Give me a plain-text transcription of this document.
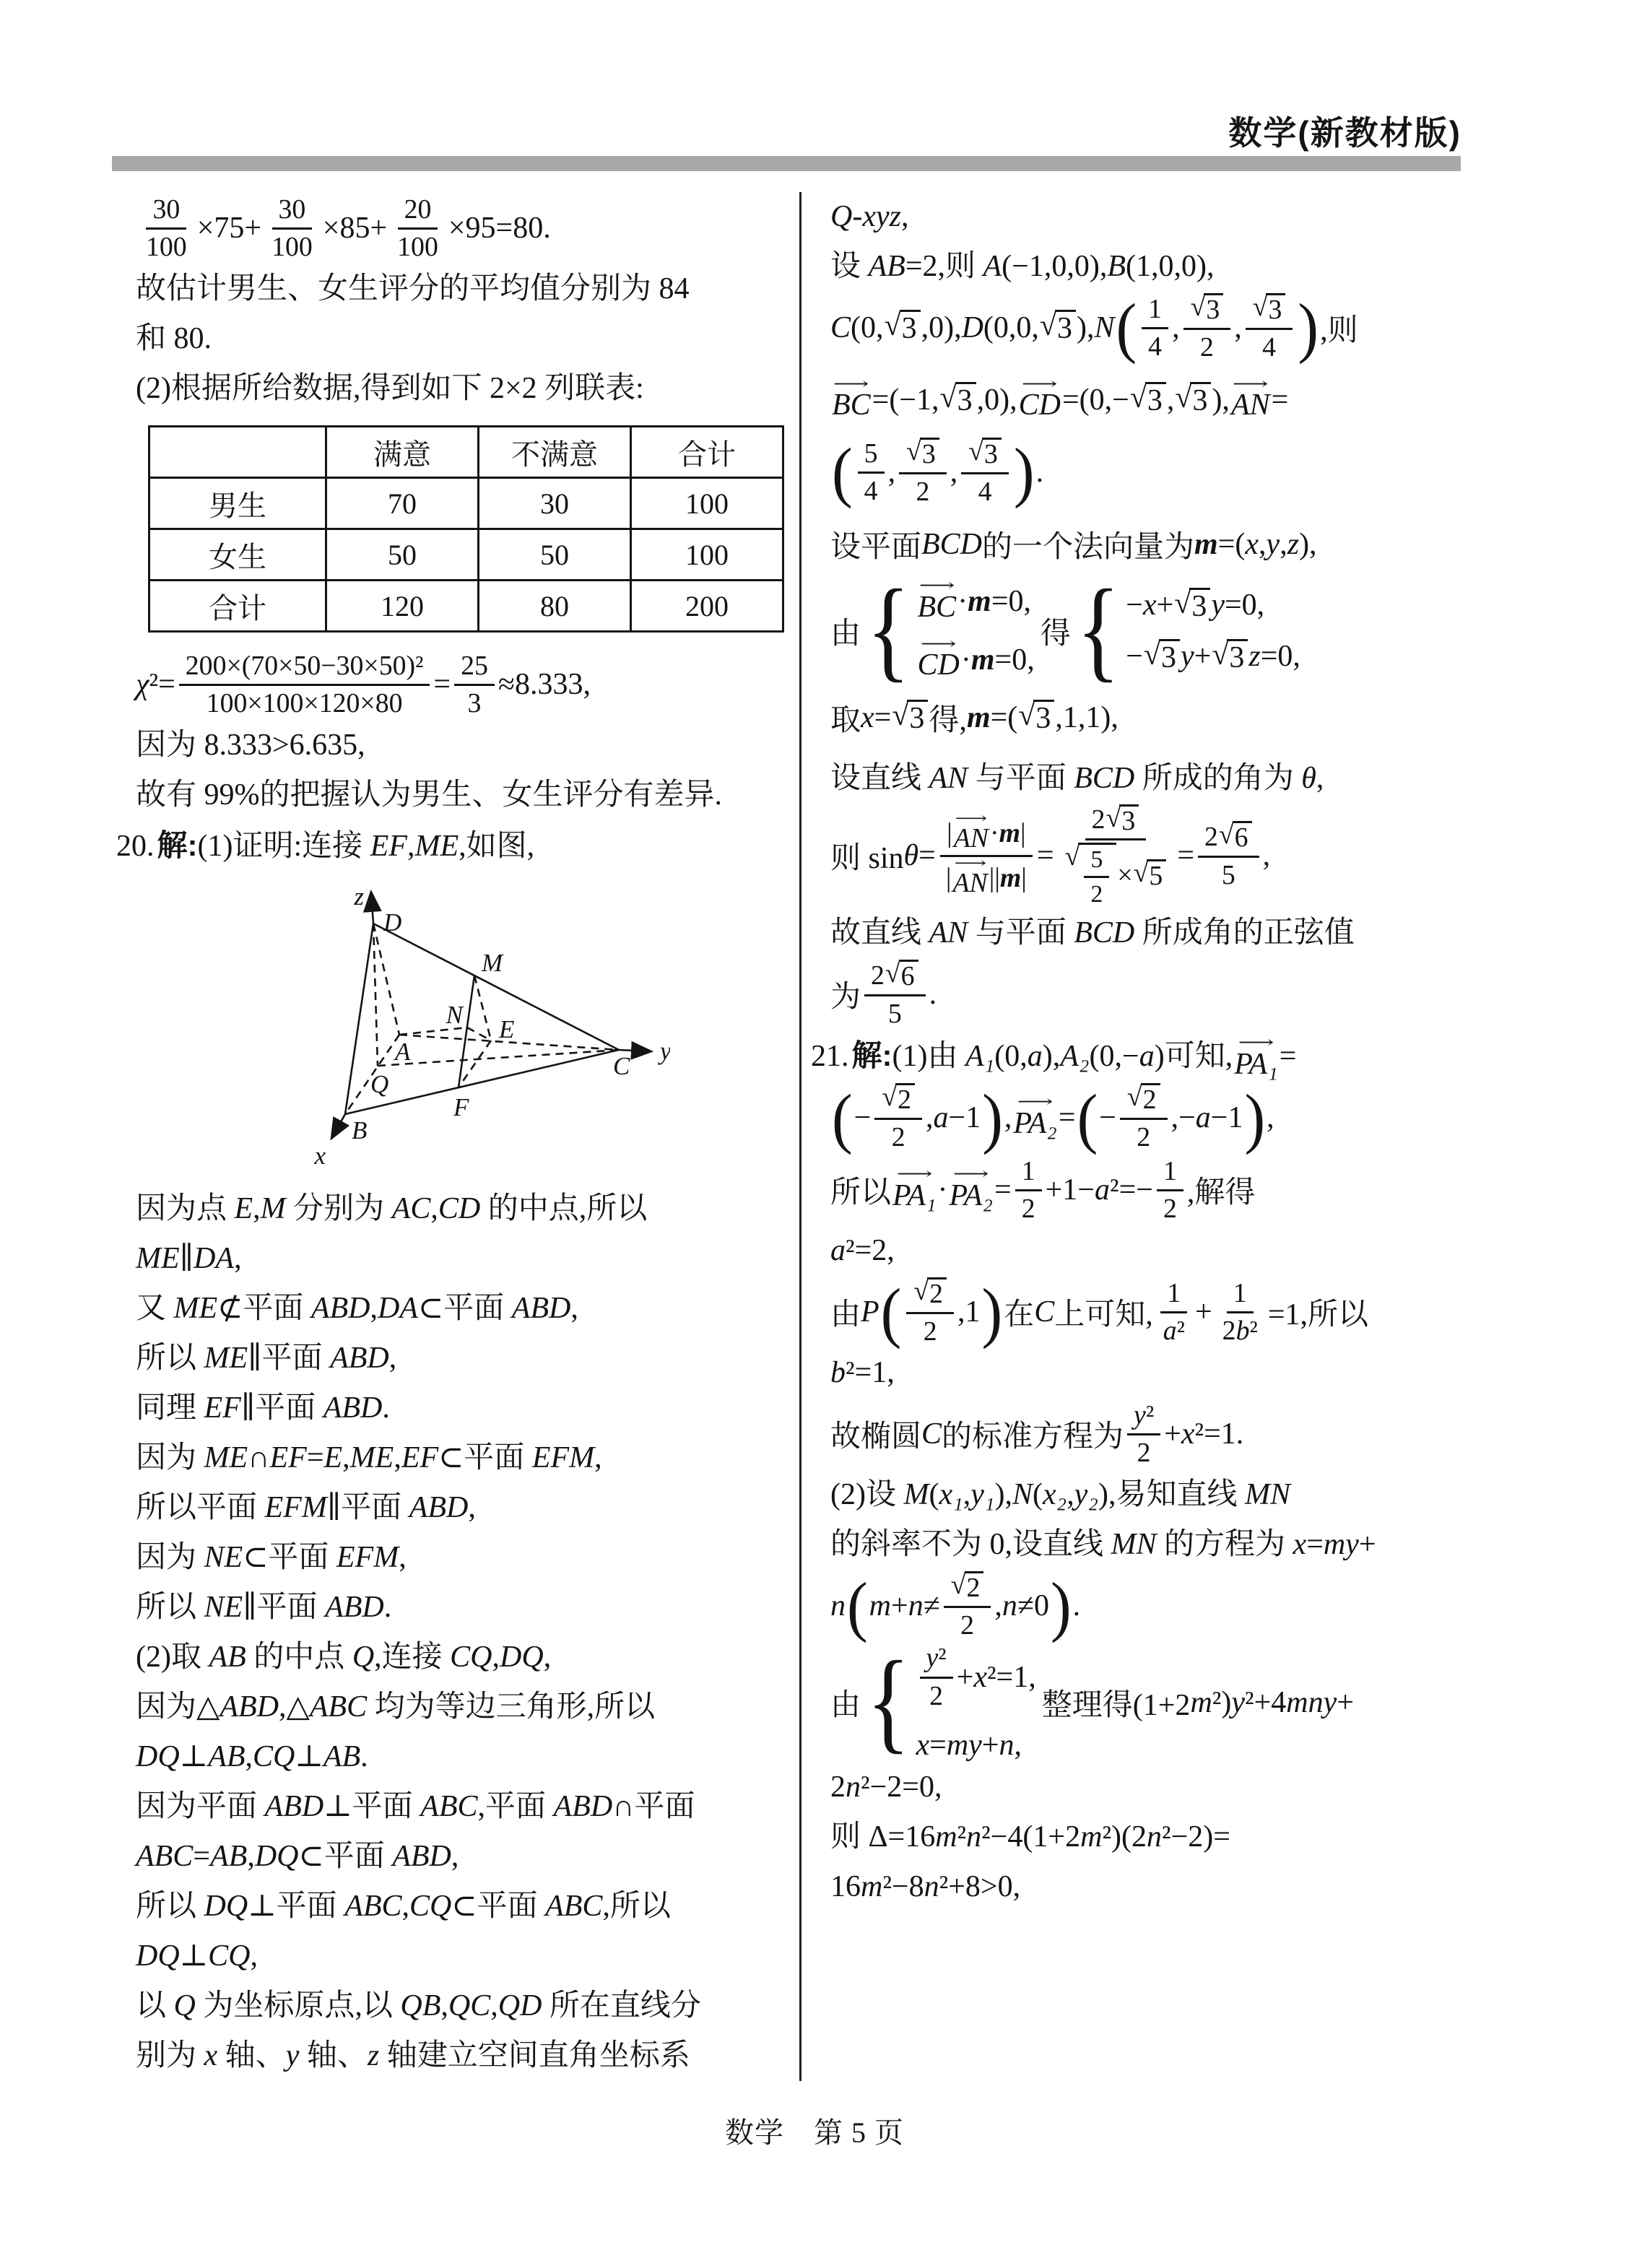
数学(新教材版)
$\frac{30}{100} \times 75+ \frac{30}{100} \times 85+ \frac{20}{100} \times 95=80$.
故估计男生、女生评分的平均值分别为 84
和 80.
(2)根据所给数据,得到如下 2×2 列联表:
	满意	不满意	合计
男生	70	30	100
女生	50	50	100
合计	120	80	200
χ $^2= \frac{\text{200×(70×50−30×50)²}}{100\times 100\times 120\times 80} = \frac{25}{3} \approx 8.333$,
因为 8.333>6.635,
故有 99%的把握认为男生、女生评分有差异.
20.解:(1)证明:连接 EF,ME,如图,
z
D
M
N
E
A
Q
F
B
C
y
x
因为点 E,M 分别为 AC,CD 的中点,所以
ME∥DA,
又 ME⊄平面 ABD,DA⊂平面 ABD,
所以 ME∥平面 ABD,
同理 EF∥平面 ABD.
因为 ME∩EF=E,ME,EF⊂平面 EFM,
所以平面 EFM∥平面 ABD,
因为 NE⊂平面 EFM,
所以 NE∥平面 ABD.
(2)取 AB 的中点 Q,连接 CQ,DQ,
因为△ABD,△ABC 均为等边三角形,所以
DQ⊥AB,CQ⊥AB.
因为平面 ABD⊥平面 ABC,平面 ABD∩平面
ABC=AB,DQ⊂平面 ABD,
所以 DQ⊥平面 ABC,CQ⊂平面 ABC,所以
DQ⊥CQ,
以 Q 为坐标原点,以 QB,QC,QD 所在直线分
别为 x 轴、y 轴、z 轴建立空间直角坐标系
Q-xyz,
设 AB=2,则 A(−1,0,0),B(1,0,0),
C (0, √ 3 ,0), D (0,0, √ 3 ), N ( $\frac{1}{4}$ , $\frac{√ 3}{2}$ , $\frac{√ 3}{4}$ ) ,则
⟶
BC =(−1, √ 3 ,0),
⟶
CD =(0,− √ 3 , √ 3 ),
⟶
AN =
( $\frac{5}{4}$ , $\frac{√ 3}{2}$ , $\frac{√ 3}{4}$ ) .
设平面 BCD 的一个法向量为 m =( x , y , z ),
由 { ⟶
BC · m =0,
⟶
CD · m =0,
得 { − x + √ 3 y =0,
− √ 3 y + √ 3 z =0,
取 x = √ 3 得, m =( √ 3 ,1,1),
设直线 AN 与平面 BCD 所成的角为 θ,
则 sin θ = | ⟶
AN · m |
| ⟶
AN || m | = $\frac{2 √ 3}{√ \frac{5}{2} \times √ 5} = \frac{2 √ 6}{5}$ ,
故直线 AN 与平面 BCD 所成角的正弦值
为 $\frac{2 √ 6}{5}$ .
21.解:(1)由 A₁(0,a),A₂(0,−a)可知, ⟶
PA₁ =
( − $\frac{√ 2}{2}$ , a −1 ) ,
⟶
PA₂ = ( − $\frac{√ 2}{2}$ ,− a −1 ) ,
所以
⟶
PA₁ ·
⟶
$PA_2 = \frac{1}{2} +1- a$ $^2=- \frac{1}{2}$ ,解得
a²=2,
由 P ( $\frac{√ 2}{2} ,1$ ) 在 C 上可知, $\frac{1}{\text{a ²}} + \frac{1}{\text{2 b ²}} =1$,所以
b²=1,
故椭圆 C 的标准方程为 $\frac{\text{y ²}}{2} + x$ ²=1.
(2)设 M(x₁,y₁),N(x₂,y₂),易知直线 MN
的斜率不为 0,设直线 MN 的方程为 x=my+
n ( $m + n \ne \frac{√ 2}{2}$ , n ≠0 ) .
由 { $\frac{\text{y ²}}{2} + x$ ²=1,
x = my + n ,
整理得(1+2 m ²) y ²+4 mny +
2n²−2=0,
则 Δ=16m²n²−4(1+2m²)(2n²−2)=
16m²−8n²+8>0,
数学　第 5 页
